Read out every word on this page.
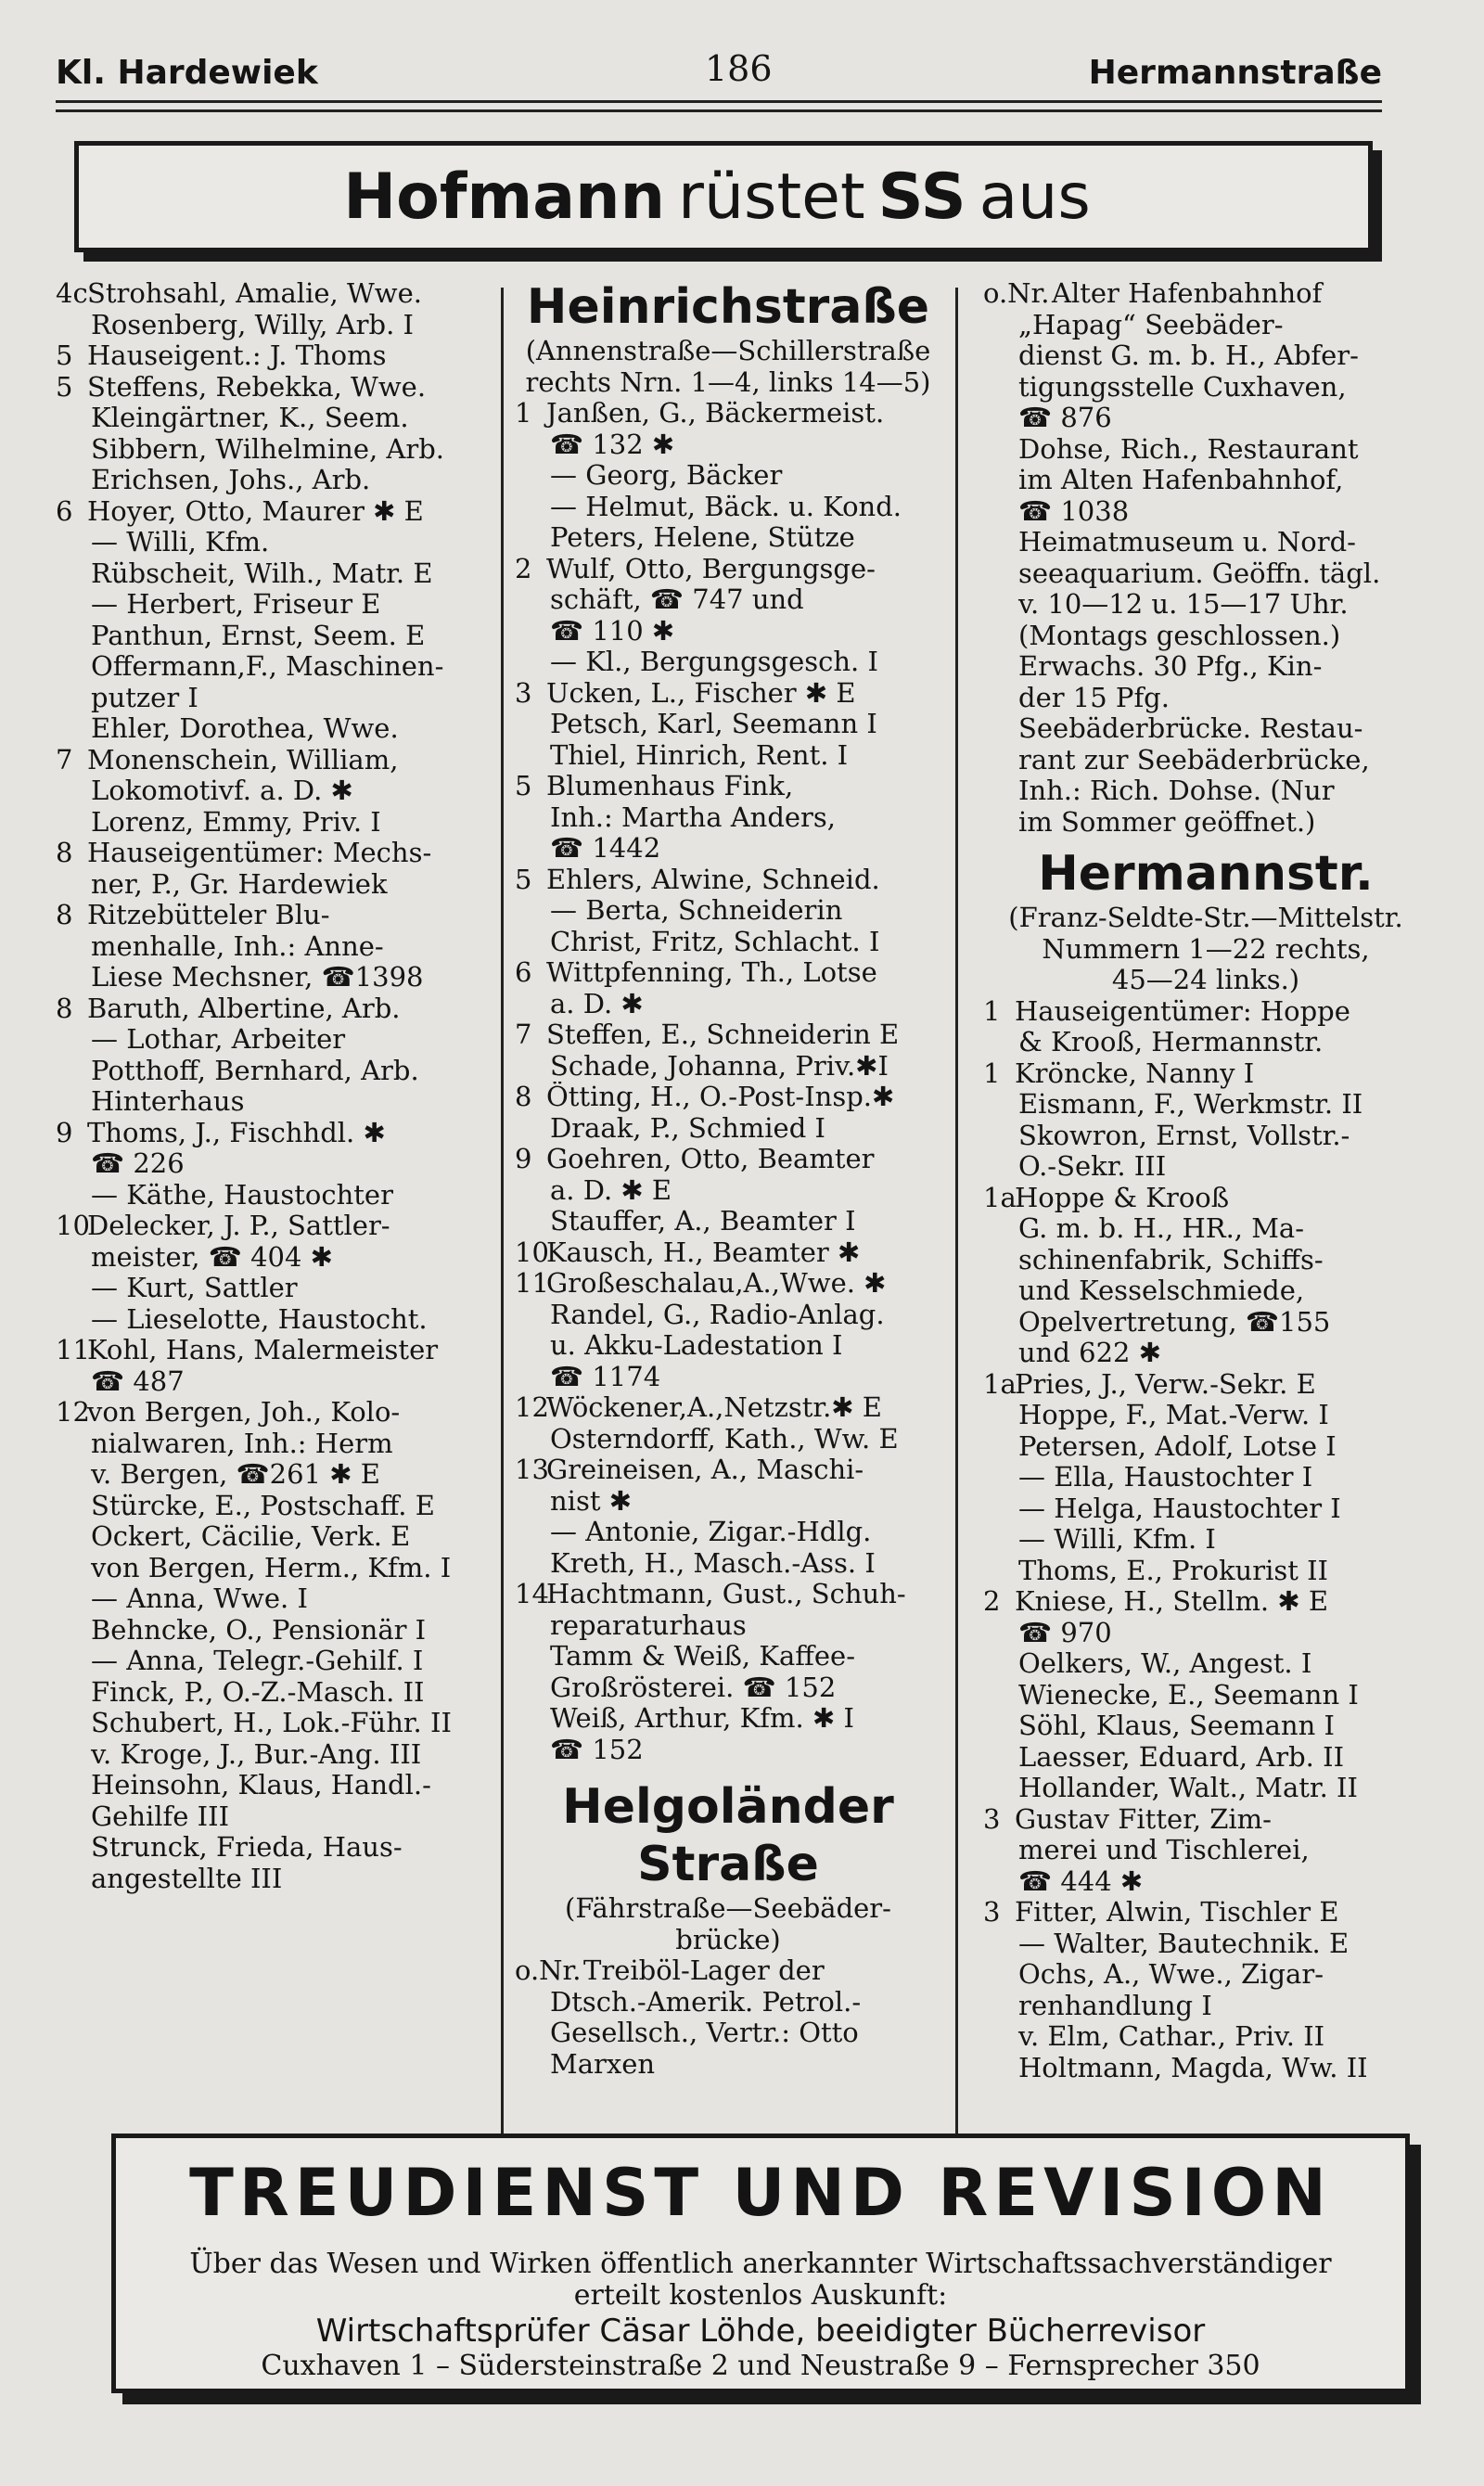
Kl. Hardewiek	186	Hermannstraße
Hofmann rüstet SS aus
4cStrohsahl, Amalie, Wwe.
Rosenberg, Willy, Arb. I
5 Hauseigent.: J. Thoms
5 Steffens, Rebekka, Wwe.
Kleingärtner, K., Seem.
Sibbern, Wilhelmine, Arb.
Erichsen, Johs., Arb.
6 Hoyer, Otto, Maurer ✱ E
— Willi, Kfm.
Rübscheit, Wilh., Matr. E
— Herbert, Friseur E
Panthun, Ernst, Seem. E
Offermann,F., Maschinen-
putzer I
Ehler, Dorothea, Wwe.
7 Monenschein, William,
Lokomotivf. a. D. ✱
Lorenz, Emmy, Priv. I
8 Hauseigentümer: Mechs-
ner, P., Gr. Hardewiek
8 Ritzebütteler Blu-
menhalle, Inh.: Anne-
Liese Mechsner, ☎1398
8 Baruth, Albertine, Arb.
— Lothar, Arbeiter
Potthoff, Bernhard, Arb.
Hinterhaus
9 Thoms, J., Fischhdl. ✱
☎ 226
— Käthe, Haustochter
10Delecker, J. P., Sattler-
meister, ☎ 404 ✱
— Kurt, Sattler
— Lieselotte, Haustocht.
11Kohl, Hans, Malermeister
☎ 487
12von Bergen, Joh., Kolo-
nialwaren, Inh.: Herm
v. Bergen, ☎261 ✱ E
Stürcke, E., Postschaff. E
Ockert, Cäcilie, Verk. E
von Bergen, Herm., Kfm. I
— Anna, Wwe. I
Behncke, O., Pensionär I
— Anna, Telegr.-Gehilf. I
Finck, P., O.-Z.-Masch. II
Schubert, H., Lok.-Führ. II
v. Kroge, J., Bur.-Ang. III
Heinsohn, Klaus, Handl.-
Gehilfe III
Strunck, Frieda, Haus-
angestellte III
Heinrichstraße
(Annenstraße—Schillerstraße
rechts Nrn. 1—4, links 14—5)
1 Janßen, G., Bäckermeist.
☎ 132 ✱
— Georg, Bäcker
— Helmut, Bäck. u. Kond.
Peters, Helene, Stütze
2 Wulf, Otto, Bergungsge-
schäft, ☎ 747 und
☎ 110 ✱
— Kl., Bergungsgesch. I
3 Ucken, L., Fischer ✱ E
Petsch, Karl, Seemann I
Thiel, Hinrich, Rent. I
5 Blumenhaus Fink,
Inh.: Martha Anders,
☎ 1442
5 Ehlers, Alwine, Schneid.
— Berta, Schneiderin
Christ, Fritz, Schlacht. I
6 Wittpfenning, Th., Lotse
a. D. ✱
7 Steffen, E., Schneiderin E
Schade, Johanna, Priv.✱I
8 Ötting, H., O.-Post-Insp.✱
Draak, P., Schmied I
9 Goehren, Otto, Beamter
a. D. ✱ E
Stauffer, A., Beamter I
10Kausch, H., Beamter ✱
11Großeschalau,A.,Wwe. ✱
Randel, G., Radio-Anlag.
u. Akku-Ladestation I
☎ 1174
12Wöckener,A.,Netzstr.✱ E
Osterndorff, Kath., Ww. E
13Greineisen, A., Maschi-
nist ✱
— Antonie, Zigar.-Hdlg.
Kreth, H., Masch.-Ass. I
14Hachtmann, Gust., Schuh-
reparaturhaus
Tamm & Weiß, Kaffee-
Großrösterei. ☎ 152
Weiß, Arthur, Kfm. ✱ I
☎ 152
Helgoländer
Straße
(Fährstraße—Seebäder-
brücke)
o.Nr.Treiböl-Lager der
Dtsch.-Amerik. Petrol.-
Gesellsch., Vertr.: Otto
Marxen
o.Nr.Alter Hafenbahnhof
„Hapag“ Seebäder-
dienst G. m. b. H., Abfer-
tigungsstelle Cuxhaven,
☎ 876
Dohse, Rich., Restaurant
im Alten Hafenbahnhof,
☎ 1038
Heimatmuseum u. Nord-
seeaquarium. Geöffn. tägl.
v. 10—12 u. 15—17 Uhr.
(Montags geschlossen.)
Erwachs. 30 Pfg., Kin-
der 15 Pfg.
Seebäderbrücke. Restau-
rant zur Seebäderbrücke,
Inh.: Rich. Dohse. (Nur
im Sommer geöffnet.)
Hermannstr.
(Franz-Seldte-Str.—Mittelstr.
Nummern 1—22 rechts,
45—24 links.)
1 Hauseigentümer: Hoppe
& Krooß, Hermannstr.
1 Kröncke, Nanny I
Eismann, F., Werkmstr. II
Skowron, Ernst, Vollstr.-
O.-Sekr. III
1aHoppe & Krooß
G. m. b. H., HR., Ma-
schinenfabrik, Schiffs-
und Kesselschmiede,
Opelvertretung, ☎155
und 622 ✱
1aPries, J., Verw.-Sekr. E
Hoppe, F., Mat.-Verw. I
Petersen, Adolf, Lotse I
— Ella, Haustochter I
— Helga, Haustochter I
— Willi, Kfm. I
Thoms, E., Prokurist II
2 Kniese, H., Stellm. ✱ E
☎ 970
Oelkers, W., Angest. I
Wienecke, E., Seemann I
Söhl, Klaus, Seemann I
Laesser, Eduard, Arb. II
Hollander, Walt., Matr. II
3 Gustav Fitter, Zim-
merei und Tischlerei,
☎ 444 ✱
3 Fitter, Alwin, Tischler E
— Walter, Bautechnik. E
Ochs, A., Wwe., Zigar-
renhandlung I
v. Elm, Cathar., Priv. II
Holtmann, Magda, Ww. II
TREUDIENST UND REVISION
Über das Wesen und Wirken öffentlich anerkannter Wirtschaftssachverständiger
erteilt kostenlos Auskunft:
Wirtschaftsprüfer Cäsar Löhde, beeidigter Bücherrevisor
Cuxhaven 1 – Südersteinstraße 2 und Neustraße 9 – Fernsprecher 350
